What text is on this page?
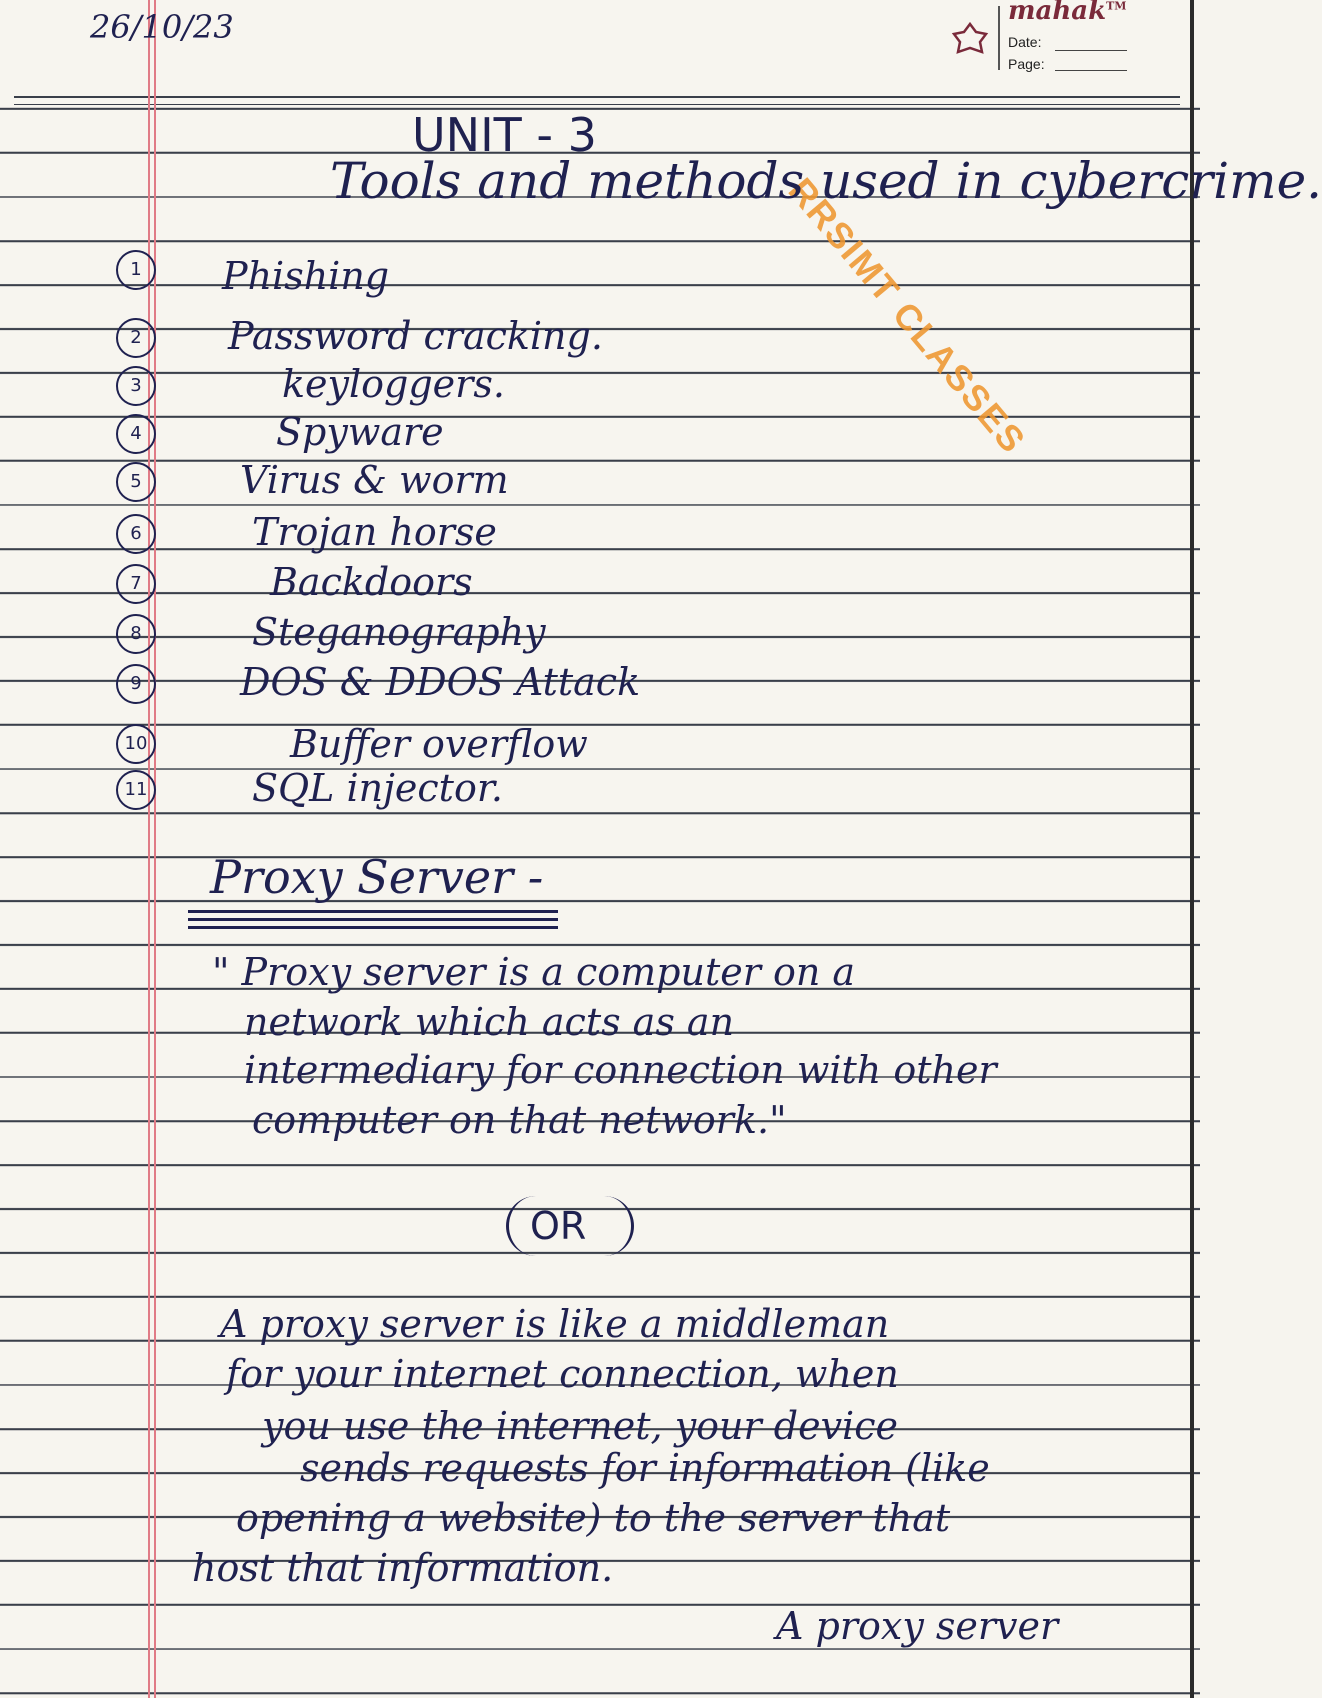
26/10/23	mahak™
Date:
Page:
RRSIMT CLASSES
UNIT - 3
Tools and methods used in cybercrime.
1	Phishing
2	Password cracking.
3	keyloggers.
4	Spyware
5	Virus & worm
6	Trojan horse
7	Backdoors
8	Steganography
9	DOS & DDOS Attack
10	Buffer overflow
11	SQL injector.
Proxy Server -
" Proxy server is a computer on a
network which acts as an
intermediary for connection with other
computer on that network."
OR
A proxy server is like a middleman
for your internet connection, when
you use the internet, your device
sends requests for information (like
opening a website) to the server that
host that information.
A proxy server
